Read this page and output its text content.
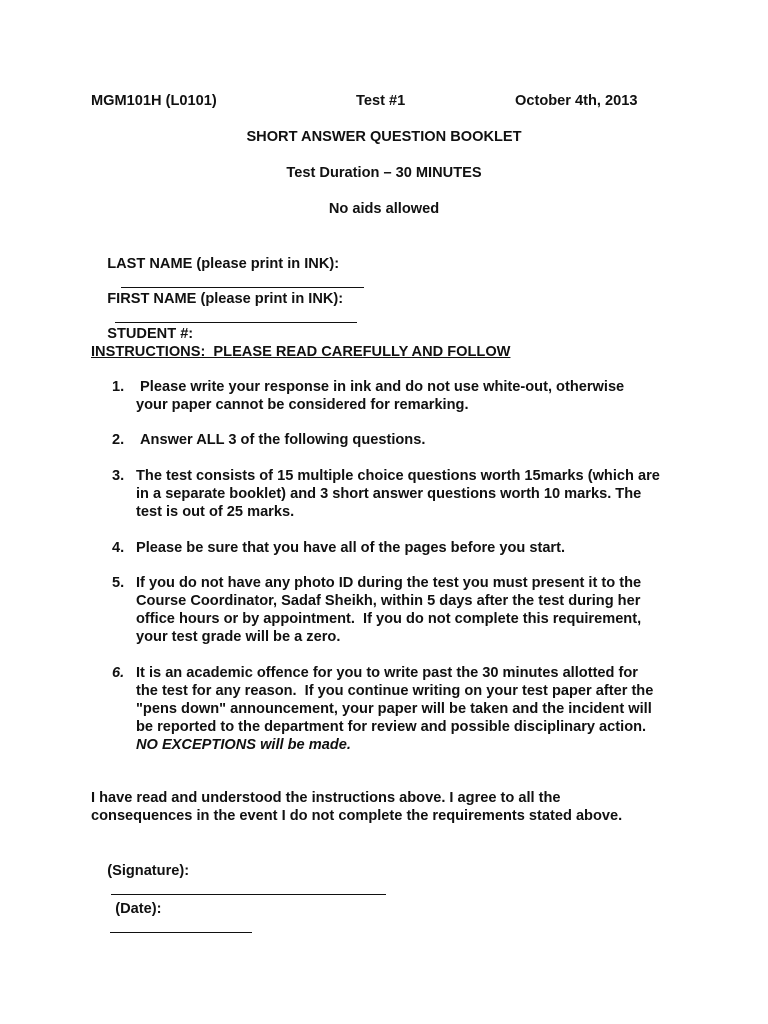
MGM101H (L0101)	Test #1	October 4th, 2013
SHORT ANSWER QUESTION BOOKLET
Test Duration – 30 MINUTES
No aids allowed

LAST NAME (please print in INK):

FIRST NAME (please print in INK):

STUDENT #:

INSTRUCTIONS:  PLEASE READ CAREFULLY AND FOLLOW
1. Please write your response in ink and do not use white-out, otherwise
your paper cannot be considered for remarking.
2.	Answer ALL 3 of the following questions.
3. The test consists of 15 multiple choice questions worth 15marks (which are
in a separate booklet) and 3 short answer questions worth 10 marks. The
test is out of 25 marks.
4. Please be sure that you have all of the pages before you start.
5. If you do not have any photo ID during the test you must present it to the
Course Coordinator, Sadaf Sheikh, within 5 days after the test during her
office hours or by appointment.  If you do not complete this requirement,
your test grade will be a zero.
6. It is an academic offence for you to write past the 30 minutes allotted for
the test for any reason.  If you continue writing on your test paper after the
"pens down" announcement, your paper will be taken and the incident will
be reported to the department for review and possible disciplinary action.
NO EXCEPTIONS will be made.
I have read and understood the instructions above. I agree to all the
consequences in the event I do not complete the requirements stated above.

(Signature):

(Date):
